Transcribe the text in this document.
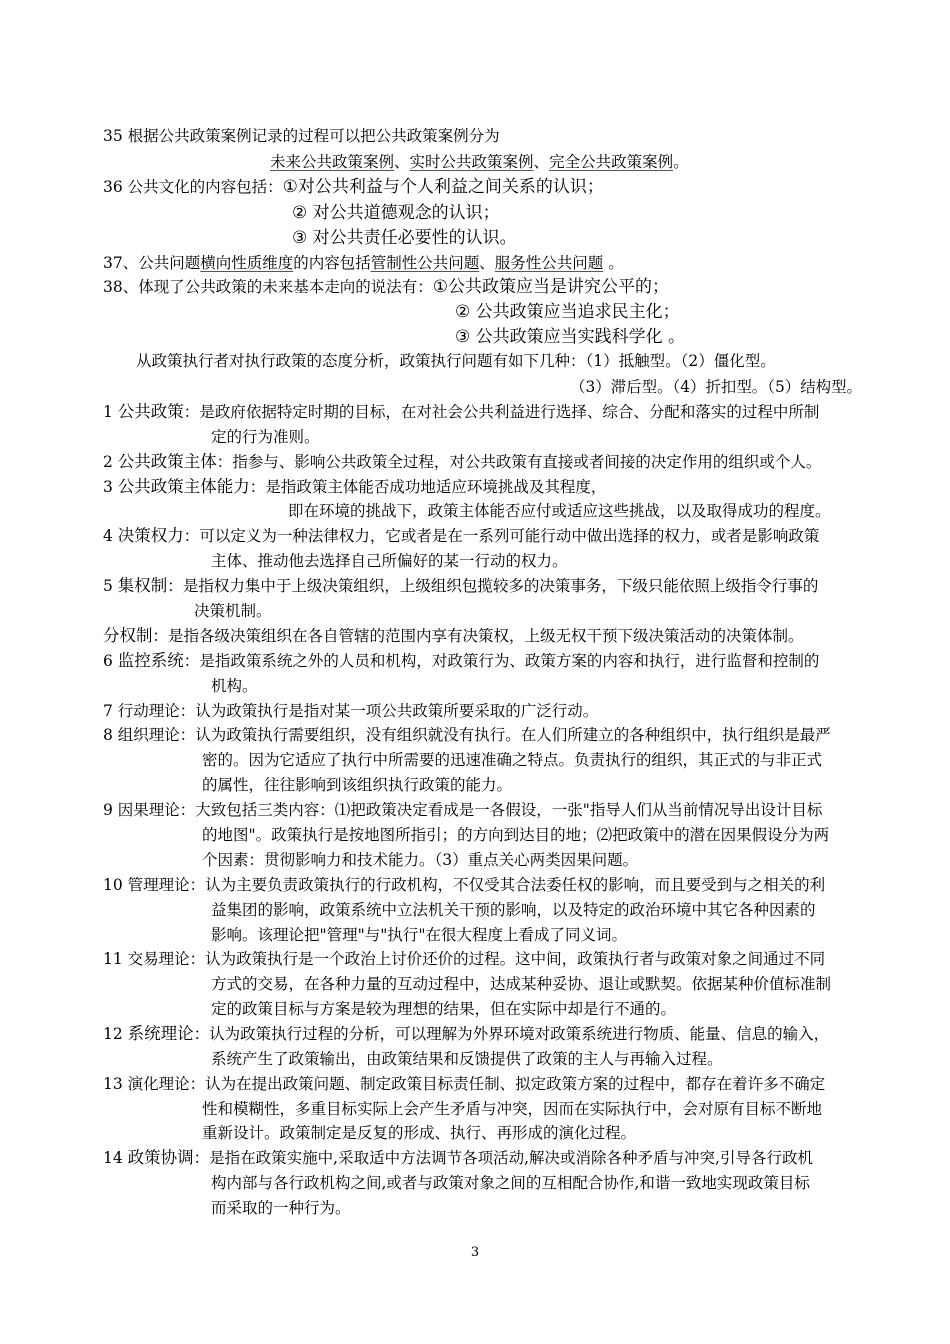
35 根据公共政策案例记录的过程可以把公共政策案例分为
未来公共政策案例、实时公共政策案例、完全公共政策案例。
36 公共文化的内容包括：①对公共利益与个人利益之间关系的认识；
② 对公共道德观念的认识；
③ 对公共责任必要性的认识。
37、公共问题横向性质维度的内容包括管制性公共问题、服务性公共问题 。
38、体现了公共政策的未来基本走向的说法有：①公共政策应当是讲究公平的；
② 公共政策应当追求民主化；
③ 公共政策应当实践科学化 。
从政策执行者对执行政策的态度分析，政策执行问题有如下几种：（1）抵触型。（2）僵化型。
（3）滞后型。（4）折扣型。（5）结构型。
1 公共政策：是政府依据特定时期的目标，在对社会公共利益进行选择、综合、分配和落实的过程中所制
定的行为准则。
2 公共政策主体：指参与、影响公共政策全过程，对公共政策有直接或者间接的决定作用的组织或个人。
3 公共政策主体能力：是指政策主体能否成功地适应环境挑战及其程度，
即在环境的挑战下，政策主体能否应付或适应这些挑战，以及取得成功的程度。
4 决策权力：可以定义为一种法律权力，它或者是在一系列可能行动中做出选择的权力，或者是影响政策
主体、推动他去选择自己所偏好的某一行动的权力。
5 集权制：是指权力集中于上级决策组织，上级组织包揽较多的决策事务，下级只能依照上级指令行事的
决策机制。
分权制：是指各级决策组织在各自管辖的范围内享有决策权，上级无权干预下级决策活动的决策体制。
6 监控系统：是指政策系统之外的人员和机构，对政策行为、政策方案的内容和执行，进行监督和控制的
机构。
7 行动理论：认为政策执行是指对某一项公共政策所要采取的广泛行动。
8 组织理论：认为政策执行需要组织，没有组织就没有执行。在人们所建立的各种组织中，执行组织是最严
密的。因为它适应了执行中所需要的迅速准确之特点。负责执行的组织，其正式的与非正式
的属性，往往影响到该组织执行政策的能力。
9 因果理论：大致包括三类内容：⑴把政策决定看成是一各假设，一张"指导人们从当前情况导出设计目标
的地图"。政策执行是按地图所指引；的方向到达目的地；⑵把政策中的潜在因果假设分为两
个因素：贯彻影响力和技术能力。（3）重点关心两类因果问题。
10 管理理论：认为主要负责政策执行的行政机构，不仅受其合法委任权的影响，而且要受到与之相关的利
益集团的影响，政策系统中立法机关干预的影响，以及特定的政治环境中其它各种因素的
影响。该理论把"管理"与"执行"在很大程度上看成了同义词。
11 交易理论：认为政策执行是一个政治上讨价还价的过程。这中间，政策执行者与政策对象之间通过不同
方式的交易，在各种力量的互动过程中，达成某种妥协、退让或默契。依据某种价值标准制
定的政策目标与方案是较为理想的结果，但在实际中却是行不通的。
12 系统理论：认为政策执行过程的分析，可以理解为外界环境对政策系统进行物质、能量、信息的输入，
系统产生了政策输出，由政策结果和反馈提供了政策的主人与再输入过程。
13 演化理论：认为在提出政策问题、制定政策目标责任制、拟定政策方案的过程中，都存在着许多不确定
性和模糊性，多重目标实际上会产生矛盾与冲突，因而在实际执行中，会对原有目标不断地
重新设计。政策制定是反复的形成、执行、再形成的演化过程。
14 政策协调：是指在政策实施中,采取适中方法调节各项活动,解决或消除各种矛盾与冲突,引导各行政机
构内部与各行政机构之间,或者与政策对象之间的互相配合协作,和谐一致地实现政策目标
而采取的一种行为。
3
